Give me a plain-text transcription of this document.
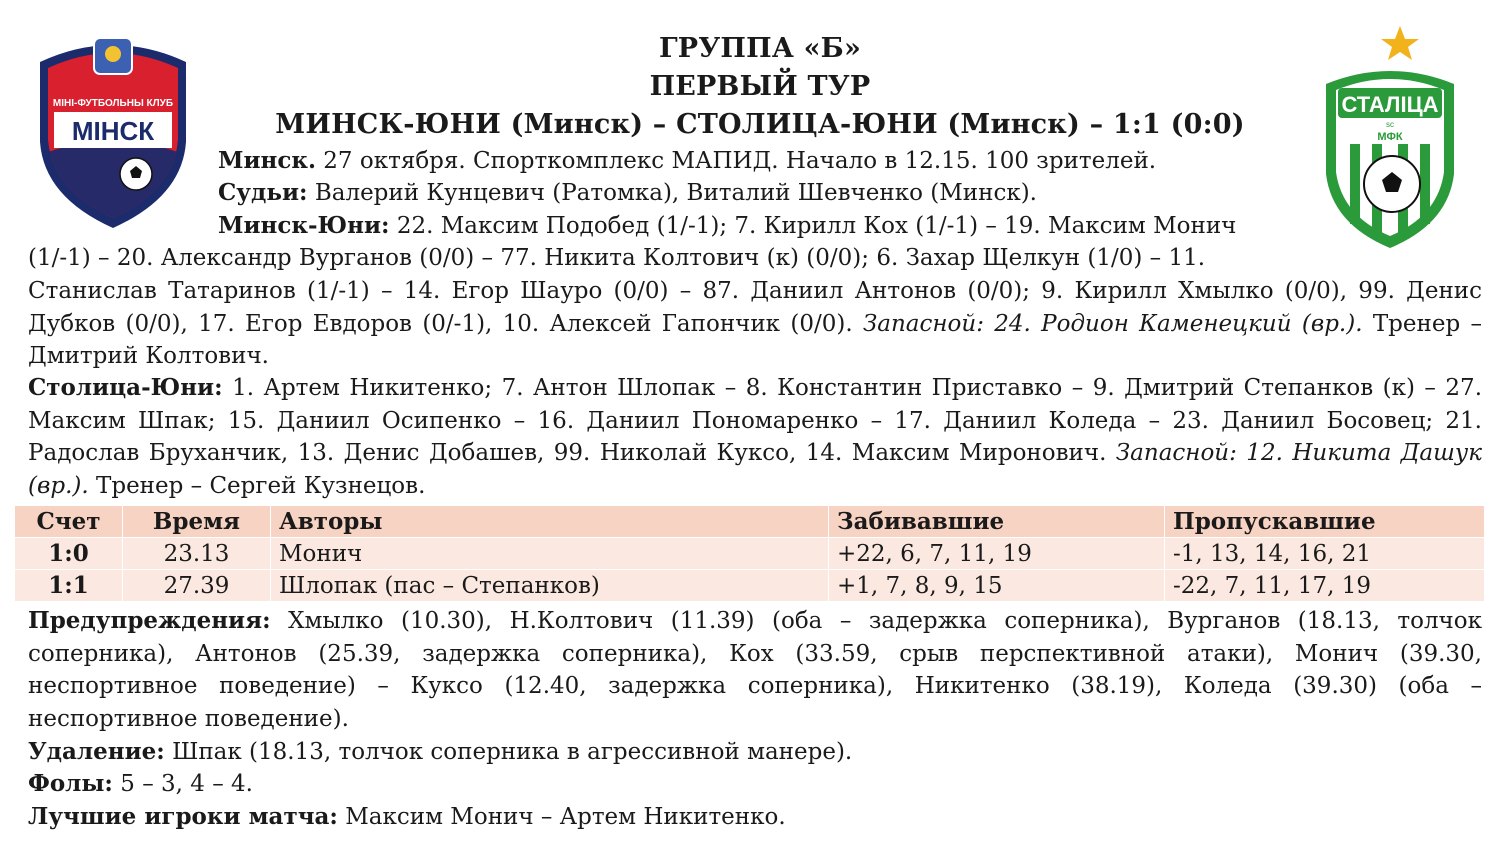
МIНI-ФУТБОЛЬНЫ КЛУБ
МIНСК
СТАЛIЦА
sc
МФК
ГРУППА «Б»
ПЕРВЫЙ ТУР
МИНСК-ЮНИ (Минск) – СТОЛИЦА-ЮНИ (Минск) – 1:1 (0:0)

Минск. 27 октября. Спорткомплекс МАПИД. Начало в 12.15. 100 зрителей.

Судьи: Валерий Кунцевич (Ратомка), Виталий Шевченко (Минск).

Минск-Юни: 22. Максим Подобед (1/-1); 7. Кирилл Кох (1/-1) – 19. Максим Монич

(1/-1) – 20. Александр Вурганов (0/0) – 77. Никита Колтович (к) (0/0); 6. Захар Щелкун (1/0) – 11.

Станислав Татаринов (1/-1) – 14. Егор Шауро (0/0) – 87. Даниил Антонов (0/0); 9. Кирилл Хмылко (0/0), 99. Денис Дубков (0/0), 17. Егор Евдоров (0/-1), 10. Алексей Гапончик (0/0). Запасной: 24. Родион Каменецкий (вр.). Тренер – Дмитрий Колтович.

Столица-Юни: 1. Артем Никитенко; 7. Антон Шлопак – 8. Константин Приставко – 9. Дмитрий Степанков (к) – 27. Максим Шпак; 15. Даниил Осипенко – 16. Даниил Пономаренко – 17. Даниил Коледа – 23. Даниил Босовец; 21. Радослав Бруханчик, 13. Денис Добашев, 99. Николай Куксо, 14. Максим Миронович. Запасной: 12. Никита Дашук (вр.). Тренер – Сергей Кузнецов.

Счет	Время	Авторы	Забивавшие	Пропускавшие
1:0	23.13	Монич	+22, 6, 7, 11, 19	-1, 13, 14, 16, 21
1:1	27.39	Шлопак (пас – Степанков)	+1, 7, 8, 9, 15	-22, 7, 11, 17, 19

Предупреждения: Хмылко (10.30), Н.Колтович (11.39) (оба – задержка соперника), Вурганов (18.13, толчок соперника), Антонов (25.39, задержка соперника), Кох (33.59, срыв перспективной атаки), Монич (39.30, неспортивное поведение) – Куксо (12.40, задержка соперника), Никитенко (38.19), Коледа (39.30) (оба – неспортивное поведение).

Удаление: Шпак (18.13, толчок соперника в агрессивной манере).

Фолы: 5 – 3, 4 – 4.

Лучшие игроки матча: Максим Монич – Артем Никитенко.
